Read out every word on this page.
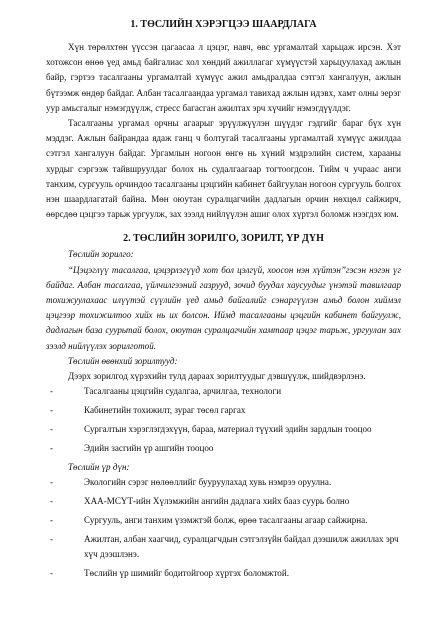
1. ТӨСЛИЙН ХЭРЭГЦЭЭ ШААРДЛАГА

Хүн төрөлхтөн үүссэн цагаасаа л цэцэг, навч, өвс ургамалтай харьцаж ирсэн. Хэт хотожсон өнөө үед амьд байгалиас хол хөндий ажиллагаг хүмүүстэй харьцуулахад ажлын байр, гэртээ тасалгааны ургамалтай хүмүүс ажил амьдралдаа сэтгэл хангалуун, ажлын бүтээмж өндөр байдаг. Албан тасалгаандаа ургамал тавихад ажлын идэвх, хамт олны эерэг уур амьсгалыг нэмэгдүүлж, стресс багасган ажилтах эрч хүчийг нэмэгдүүлдэг.

Тасалгааны ургамал орчны агаарыг эрүүлжүүлэн шүүдэг гэдгийг бараг бүх хүн мэддэг. Ажлын байрандаа ядаж ганц ч болтугай тасалгааны ургамалтай хүмүүс ажилдаа сэтгэл хангалуун байдаг. Ургамлын ногоон өнгө нь хүний мэдрэлийн систем, харааны хурдыг сэргээж тайвшруулдаг болох нь судалгаагаар тогтоогдсон. Тийм ч учраас анги танхим, сургууль орчиндоо тасалгааны цэцгийн кабинет байгуулан ногоон сургууль болгох нэн шаардлагатай байна. Мөн оюутан суралцагчийн дадлагын орчин нөхцөл сайжирч, өөрсдөө цэцгээ тарьж ургуулж, зах зээлд нийлүүлэн ашиг олох хүртэл боломж нээгдэх юм.

2. ТӨСЛИЙН ЗОРИЛГО, ЗОРИЛТ, ҮР ДҮН

Төслийн зорилго:

“Цэцэглүү тасалгаа, цэцэрлэгүүд хот бол цэлгүй, хоосон нэн хүйтэн”гэсэн нэгэн үг байдаг. Албан тасалгаа, үйлчилгээний газрууд, зочид буудал хаусуудыг үнэтэй тавилгаар тохижуулахаас илүүтэй сүүлийн үед амьд байгалийг сэнаргүүлэн амьд болон хиймэл цэцгээр тохижилтоо хийх нь их болсон. Иймд тасалгааны цэцгийн кабинет байгуулж, дадлагын база суурьтай болох, оюутан суралцагчийн хамтаар цэцэг тарьж, ургуулан зах зээлд нийлүүлэх зорилготой.

Төслийн өвөнхий зорилтууд:

Дээрх зорилгод хүрэхийн тулд дараах зорилтуудыг дэвшүүлж, шийдвэрлэнэ.

-	Тасалгааны цэцгийн судалгаа, арчилгаа, технологи
-	Кабинетийн тохижилт, зураг төсөл гаргах
-	Сургалтын хэрэглэгдэхүүн, бараа, материал түүхий эдийн зардлын тооцоо
-	Эдийн засгийн үр ашгийн тооцоо

Төслийн үр дүн:

-	Экологийн сэрэг нөлөөллийг бууруулахад хувь нэмрээ оруулна.
-	ХАА-МСҮТ-ийн Хүлэмжийн ангийн дадлага хийх бааз суурь болно
-	Сургууль, анги танхим үзэмжтэй болж, өрөө тасалгааны агаар сайжирна.
-	Ажилтан, албан хаагчид, суралцагчдын сэтгэлзүйн байдал дээшилж ажиллах эрч хүч дээшлэнэ.
-	Төслийн үр шимийг бодитойгоор хүртэх боломжтой.
